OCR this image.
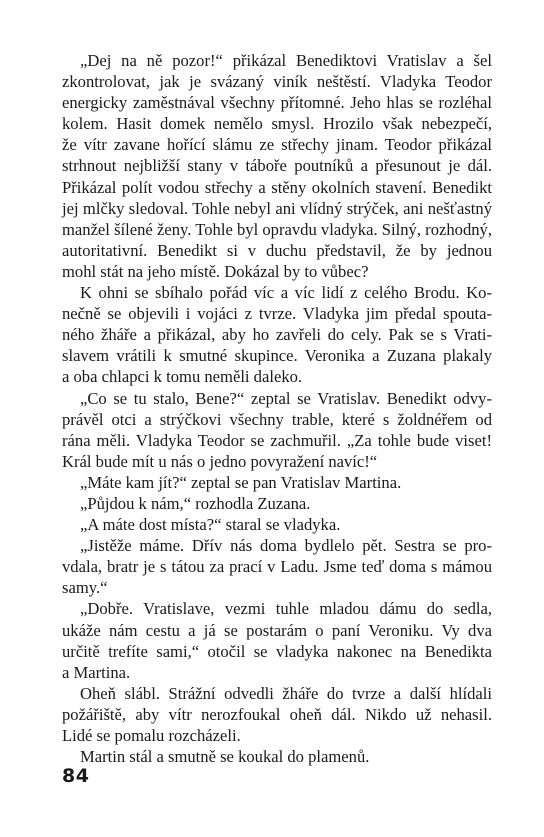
„Dej na ně pozor!“ přikázal Benediktovi Vratislav a šel
zkontrolovat, jak je svázaný viník neštěstí. Vladyka Teodor
energicky zaměstnával všechny přítomné. Jeho hlas se rozléhal
kolem. Hasit domek nemělo smysl. Hrozilo však nebezpečí,
že vítr zavane hořící slámu ze střechy jinam. Teodor přikázal
strhnout nejbližší stany v táboře poutníků a přesunout je dál.
Přikázal polít vodou střechy a stěny okolních stavení. Benedikt
jej mlčky sledoval. Tohle nebyl ani vlídný strýček, ani nešťastný
manžel šílené ženy. Tohle byl opravdu vladyka. Silný, rozhodný,
autoritativní. Benedikt si v duchu představil, že by jednou
mohl stát na jeho místě. Dokázal by to vůbec?
K ohni se sbíhalo pořád víc a víc lidí z celého Brodu. Ko-
nečně se objevili i vojáci z tvrze. Vladyka jim předal spouta-
ného žháře a přikázal, aby ho zavřeli do cely. Pak se s Vrati-
slavem vrátili k smutné skupince. Veronika a Zuzana plakaly
a oba chlapci k tomu neměli daleko.
„Co se tu stalo, Bene?“ zeptal se Vratislav. Benedikt odvy-
právěl otci a strýčkovi všechny trable, které s žoldnéřem od
rána měli. Vladyka Teodor se zachmuřil. „Za tohle bude viset!
Král bude mít u nás o jedno povyražení navíc!“
„Máte kam jít?“ zeptal se pan Vratislav Martina.
„Půjdou k nám,“ rozhodla Zuzana.
„A máte dost místa?“ staral se vladyka.
„Jistěže máme. Dřív nás doma bydlelo pět. Sestra se pro-
vdala, bratr je s tátou za prací v Ladu. Jsme teď doma s mámou
samy.“
„Dobře. Vratislave, vezmi tuhle mladou dámu do sedla,
ukáže nám cestu a já se postarám o paní Veroniku. Vy dva
určitě trefíte sami,“ otočil se vladyka nakonec na Benedikta
a Martina.
Oheň slábl. Strážní odvedli žháře do tvrze a další hlídali
požářiště, aby vítr nerozfoukal oheň dál. Nikdo už nehasil.
Lidé se pomalu rozcházeli.
Martin stál a smutně se koukal do plamenů.
84
